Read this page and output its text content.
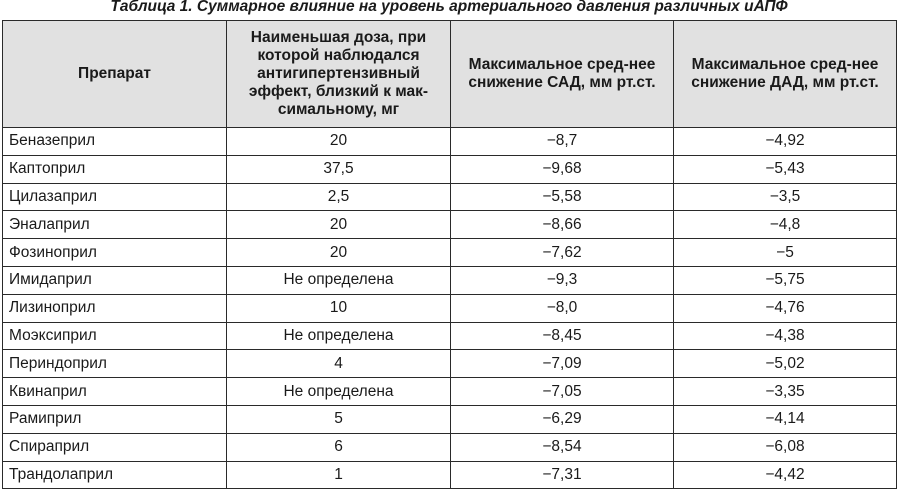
Таблица 1. Суммарное влияние на уровень артериального давления различных иАПФ
Препарат	Наименьшая доза, при которой наблюдался антигипертензивный эффект, близкий к мак-симальному, мг	Максимальное сред-нее снижение САД, мм рт.ст.	Максимальное сред-нее снижение ДАД, мм рт.ст.

Беназеприл	20	−8,7	−4,92
Каптоприл	37,5	−9,68	−5,43
Цилазаприл	2,5	−5,58	−3,5
Эналаприл	20	−8,66	−4,8
Фозиноприл	20	−7,62	−5
Имидаприл	Не определена	−9,3	−5,75
Лизиноприл	10	−8,0	−4,76
Моэксиприл	Не определена	−8,45	−4,38
Периндоприл	4	−7,09	−5,02
Квинаприл	Не определена	−7,05	−3,35
Рамиприл	5	−6,29	−4,14
Спираприл	6	−8,54	−6,08
Трандолаприл	1	−7,31	−4,42
